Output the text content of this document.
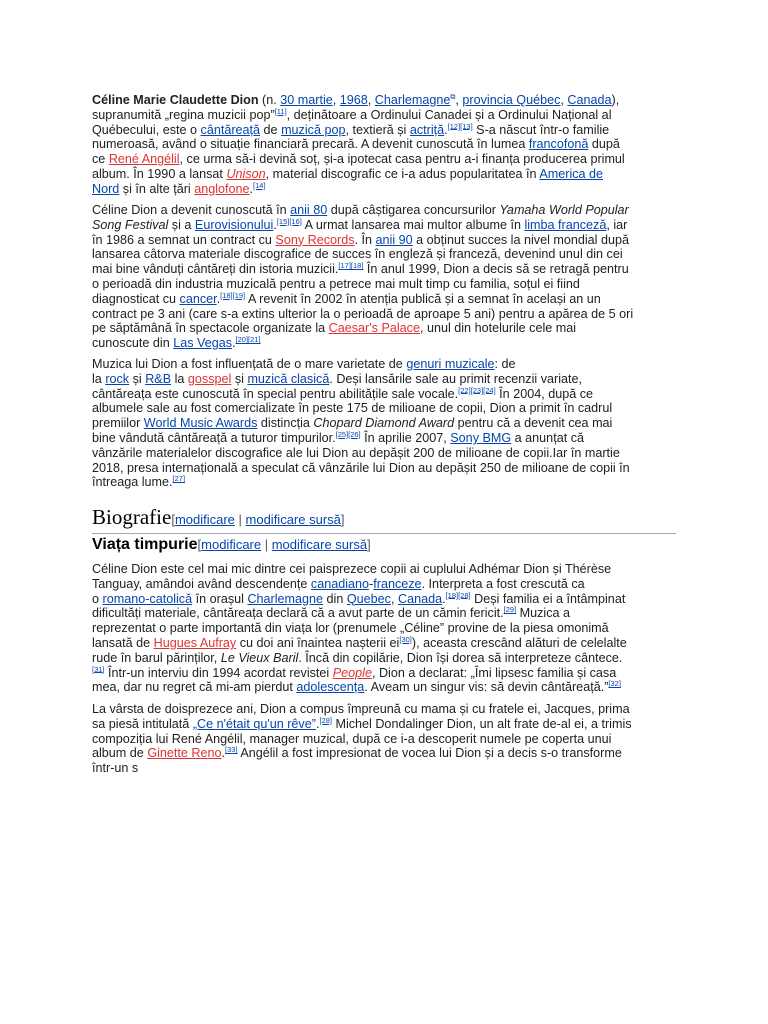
Céline Marie Claudette Dion (n. 30 martie, 1968, Charlemagne⧉, provincia Québec, Canada),
supranumită „regina muzicii pop”[11], deținătoare a Ordinului Canadei și a Ordinului Național al
Québecului, este o cântăreață de muzică pop, textieră și actriță.[12][13] S-a născut într-o familie
numeroasă, având o situație financiară precară. A devenit cunoscută în lumea francofonă după
ce René Angélil, ce urma să-i devină soț, și-a ipotecat casa pentru a-i finanța producerea primul
album. În 1990 a lansat Unison, material discografic ce i-a adus popularitatea în America de
Nord și în alte țări anglofone.[14]
Céline Dion a devenit cunoscută în anii 80 după câștigarea concursurilor Yamaha World Popular
Song Festival și a Eurovisionului.[15][16] A urmat lansarea mai multor albume în limba franceză, iar
în 1986 a semnat un contract cu Sony Records. În anii 90 a obținut succes la nivel mondial după
lansarea câtorva materiale discografice de succes în engleză și franceză, devenind unul din cei
mai bine vânduți cântăreți din istoria muzicii.[17][18] În anul 1999, Dion a decis să se retragă pentru
o perioadă din industria muzicală pentru a petrece mai mult timp cu familia, soțul ei fiind
diagnosticat cu cancer.[18][19] A revenit în 2002 în atenția publică și a semnat în același an un
contract pe 3 ani (care s-a extins ulterior la o perioadă de aproape 5 ani) pentru a apărea de 5 ori
pe săptămână în spectacole organizate la Caesar's Palace, unul din hotelurile cele mai
cunoscute din Las Vegas.[20][21]
Muzica lui Dion a fost influențată de o mare varietate de genuri muzicale: de
la rock și R&B la gosspel și muzică clasică. Deși lansările sale au primit recenzii variate,
cântăreața este cunoscută în special pentru abilitățile sale vocale.[22][23][24] În 2004, după ce
albumele sale au fost comercializate în peste 175 de milioane de copii, Dion a primit în cadrul
premiilor World Music Awards distincția Chopard Diamond Award pentru că a devenit cea mai
bine vândută cântăreață a tuturor timpurilor.[25][26] În aprilie 2007, Sony BMG a anunțat că
vânzările materialelor discografice ale lui Dion au depășit 200 de milioane de copii.Iar în martie
2018, presa internațională a speculat că vânzările lui Dion au depășit 250 de milioane de copii în
întreaga lume.[27]
Biografie[modificare | modificare sursă]
Viața timpurie[modificare | modificare sursă]
Céline Dion este cel mai mic dintre cei paisprezece copii ai cuplului Adhémar Dion și Thérèse
Tanguay, amândoi având descendențe canadiano-franceze. Interpreta a fost crescută ca
o romano-catolică în orașul Charlemagne din Quebec, Canada.[18][28] Deși familia ei a întâmpinat
dificultăți materiale, cântăreața declară că a avut parte de un cămin fericit.[29] Muzica a
reprezentat o parte importantă din viața lor (prenumele „Céline” provine de la piesa omonimă
lansată de Hugues Aufray cu doi ani înaintea nașterii ei[30]), aceasta crescând alături de celelalte
rude în barul părinților, Le Vieux Baril. Încă din copilărie, Dion își dorea să interpreteze cântece.
[31] Într-un interviu din 1994 acordat revistei People, Dion a declarat: „Îmi lipsesc familia și casa
mea, dar nu regret că mi-am pierdut adolescența. Aveam un singur vis: să devin cântăreață.”[32]
La vârsta de doisprezece ani, Dion a compus împreună cu mama și cu fratele ei, Jacques, prima
sa piesă intitulată „Ce n'était qu'un rêve”.[28] Michel Dondalinger Dion, un alt frate de-al ei, a trimis
compoziția lui René Angélil, manager muzical, după ce i-a descoperit numele pe coperta unui
album de Ginette Reno.[33] Angélil a fost impresionat de vocea lui Dion și a decis s-o transforme
într-un s
